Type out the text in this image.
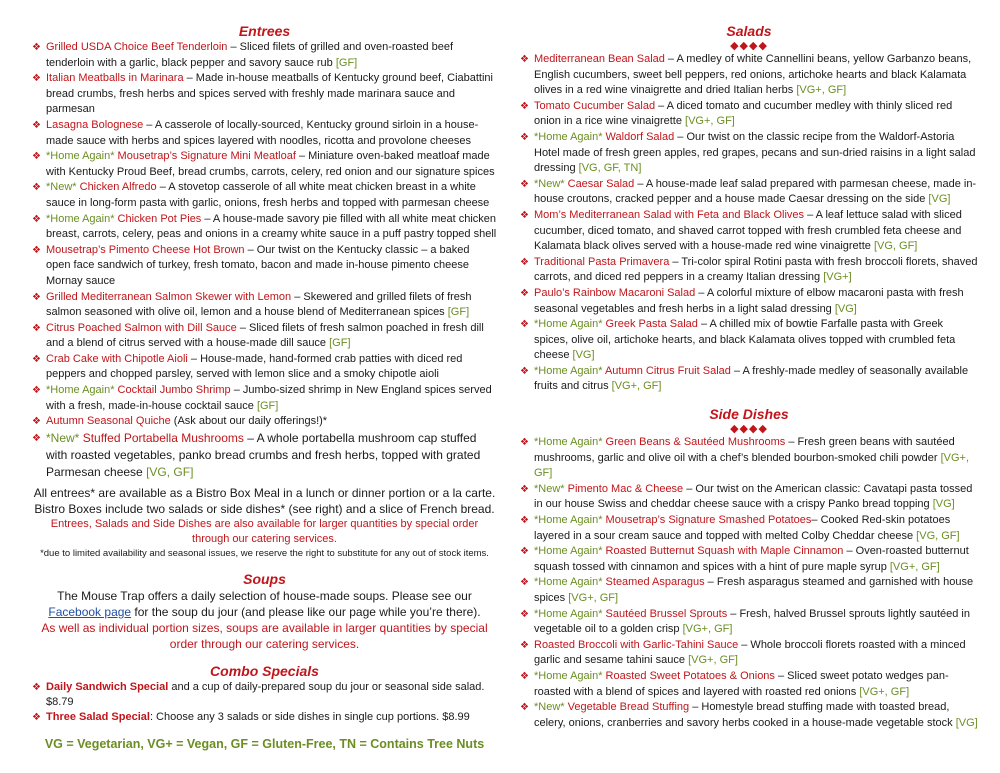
Entrees
❖ Grilled USDA Choice Beef Tenderloin – Sliced filets of grilled and oven-roasted beef tenderloin with a garlic, black pepper and savory sauce rub [GF]
❖ Italian Meatballs in Marinara – Made in-house meatballs of Kentucky ground beef, Ciabattini bread crumbs, fresh herbs and spices served with freshly made marinara sauce and parmesan
❖ Lasagna Bolognese – A casserole of locally-sourced, Kentucky ground sirloin in a house-made sauce with herbs and spices layered with noodles, ricotta and provolone cheeses
❖ *Home Again* Mousetrap’s Signature Mini Meatloaf – Miniature oven-baked meatloaf made with Kentucky Proud Beef, bread crumbs, carrots, celery, red onion and our signature spices
❖ *New* Chicken Alfredo – A stovetop casserole of all white meat chicken breast in a white sauce in long-form pasta with garlic, onions, fresh herbs and topped with parmesan cheese
❖ *Home Again* Chicken Pot Pies – A house-made savory pie filled with all white meat chicken breast, carrots, celery, peas and onions in a creamy white sauce in a puff pastry topped shell
❖ Mousetrap’s Pimento Cheese Hot Brown – Our twist on the Kentucky classic – a baked open face sandwich of turkey, fresh tomato, bacon and made in-house pimento cheese Mornay sauce
❖ Grilled Mediterranean Salmon Skewer with Lemon – Skewered and grilled filets of fresh salmon seasoned with olive oil, lemon and a house blend of Mediterranean spices [GF]
❖ Citrus Poached Salmon with Dill Sauce – Sliced filets of fresh salmon poached in fresh dill and a blend of citrus served with a house-made dill sauce [GF]
❖ Crab Cake with Chipotle Aioli – House-made, hand-formed crab patties with diced red peppers and chopped parsley, served with lemon slice and a smoky chipotle aioli
❖ *Home Again* Cocktail Jumbo Shrimp – Jumbo-sized shrimp in New England spices served with a fresh, made-in-house cocktail sauce [GF]
❖ Autumn Seasonal Quiche (Ask about our daily offerings!)*
❖ *New* Stuffed Portabella Mushrooms – A whole portabella mushroom cap stuffed with roasted vegetables, panko bread crumbs and fresh herbs, topped with grated Parmesan cheese [VG, GF]
All entrees* are available as a Bistro Box Meal in a lunch or dinner portion or a la carte. Bistro Boxes include two salads or side dishes* (see right) and a slice of French bread.
Entrees, Salads and Side Dishes are also available for larger quantities by special order through our catering services.
*due to limited availability and seasonal issues, we reserve the right to substitute for any out of stock items.
Soups
The Mouse Trap offers a daily selection of house-made soups. Please see our Facebook page for the soup du jour (and please like our page while you’re there).
As well as individual portion sizes, soups are available in larger quantities by special order through our catering services.
Combo Specials
❖ Daily Sandwich Special and a cup of daily-prepared soup du jour or seasonal side salad. $8.79
❖ Three Salad Special: Choose any 3 salads or side dishes in single cup portions. $8.99
VG = Vegetarian, VG+ = Vegan, GF = Gluten-Free, TN = Contains Tree Nuts
Salads
◆◆◆◆
❖ Mediterranean Bean Salad – A medley of white Cannellini beans, yellow Garbanzo beans, English cucumbers, sweet bell peppers, red onions, artichoke hearts and black Kalamata olives in a red wine vinaigrette and dried Italian herbs [VG+, GF]
❖ Tomato Cucumber Salad – A diced tomato and cucumber medley with thinly sliced red onion in a rice wine vinaigrette [VG+, GF]
❖ *Home Again* Waldorf Salad – Our twist on the classic recipe from the Waldorf-Astoria Hotel made of fresh green apples, red grapes, pecans and sun-dried raisins in a light salad dressing [VG, GF, TN]
❖ *New* Caesar Salad – A house-made leaf salad prepared with parmesan cheese, made in-house croutons, cracked pepper and a house made Caesar dressing on the side [VG]
❖ Mom’s Mediterranean Salad with Feta and Black Olives – A leaf lettuce salad with sliced cucumber, diced tomato, and shaved carrot topped with fresh crumbled feta cheese and Kalamata black olives served with a house-made red wine vinaigrette [VG, GF]
❖ Traditional Pasta Primavera – Tri-color spiral Rotini pasta with fresh broccoli florets, shaved carrots, and diced red peppers in a creamy Italian dressing [VG+]
❖ Paulo’s Rainbow Macaroni Salad – A colorful mixture of elbow macaroni pasta with fresh seasonal vegetables and fresh herbs in a light salad dressing [VG]
❖ *Home Again* Greek Pasta Salad – A chilled mix of bowtie Farfalle pasta with Greek spices, olive oil, artichoke hearts, and black Kalamata olives topped with crumbled feta cheese [VG]
❖ *Home Again* Autumn Citrus Fruit Salad – A freshly-made medley of seasonally available fruits and citrus [VG+, GF]
Side Dishes
◆◆◆◆
❖ *Home Again* Green Beans & Sautéed Mushrooms – Fresh green beans with sautéed mushrooms, garlic and olive oil with a chef’s blended bourbon-smoked chili powder [VG+, GF]
❖ *New* Pimento Mac & Cheese – Our twist on the American classic: Cavatapi pasta tossed in our house Swiss and cheddar cheese sauce with a crispy Panko bread topping [VG]
❖ *Home Again* Mousetrap’s Signature Smashed Potatoes– Cooked Red-skin potatoes layered in a sour cream sauce and topped with melted Colby Cheddar cheese [VG, GF]
❖ *Home Again* Roasted Butternut Squash with Maple Cinnamon – Oven-roasted butternut squash tossed with cinnamon and spices with a hint of pure maple syrup [VG+, GF]
❖ *Home Again* Steamed Asparagus – Fresh asparagus steamed and garnished with house spices [VG+, GF]
❖ *Home Again* Sautéed Brussel Sprouts – Fresh, halved Brussel sprouts lightly sautéed in vegetable oil to a golden crisp [VG+, GF]
❖ Roasted Broccoli with Garlic-Tahini Sauce – Whole broccoli florets roasted with a minced garlic and sesame tahini sauce [VG+, GF]
❖ *Home Again* Roasted Sweet Potatoes & Onions – Sliced sweet potato wedges pan-roasted with a blend of spices and layered with roasted red onions [VG+, GF]
❖ *New* Vegetable Bread Stuffing – Homestyle bread stuffing made with toasted bread, celery, onions, cranberries and savory herbs cooked in a house-made vegetable stock [VG]
